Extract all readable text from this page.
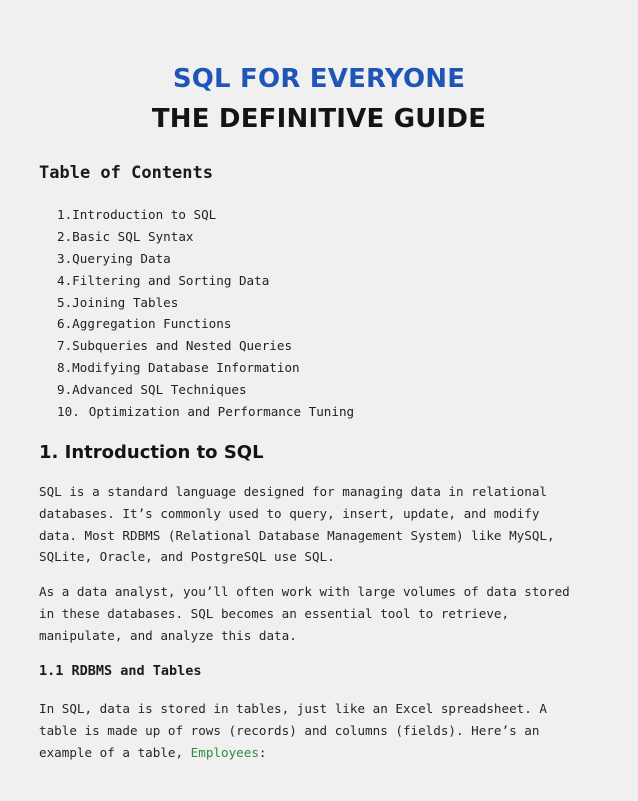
SQL FOR EVERYONE
THE DEFINITIVE GUIDE
Table of Contents
1.Introduction to SQL
2.Basic SQL Syntax
3.Querying Data
4.Filtering and Sorting Data
5.Joining Tables
6.Aggregation Functions
7.Subqueries and Nested Queries
8.Modifying Database Information
9.Advanced SQL Techniques
10. Optimization and Performance Tuning
1. Introduction to SQL

SQL is a standard language designed for managing data in relational
databases. It’s commonly used to query, insert, update, and modify
data. Most RDBMS (Relational Database Management System) like MySQL,
SQLite, Oracle, and PostgreSQL use SQL.

As a data analyst, you’ll often work with large volumes of data stored
in these databases. SQL becomes an essential tool to retrieve,
manipulate, and analyze this data.

1.1 RDBMS and Tables

In SQL, data is stored in tables, just like an Excel spreadsheet. A
table is made up of rows (records) and columns (fields). Here’s an
example of a table, Employees:
